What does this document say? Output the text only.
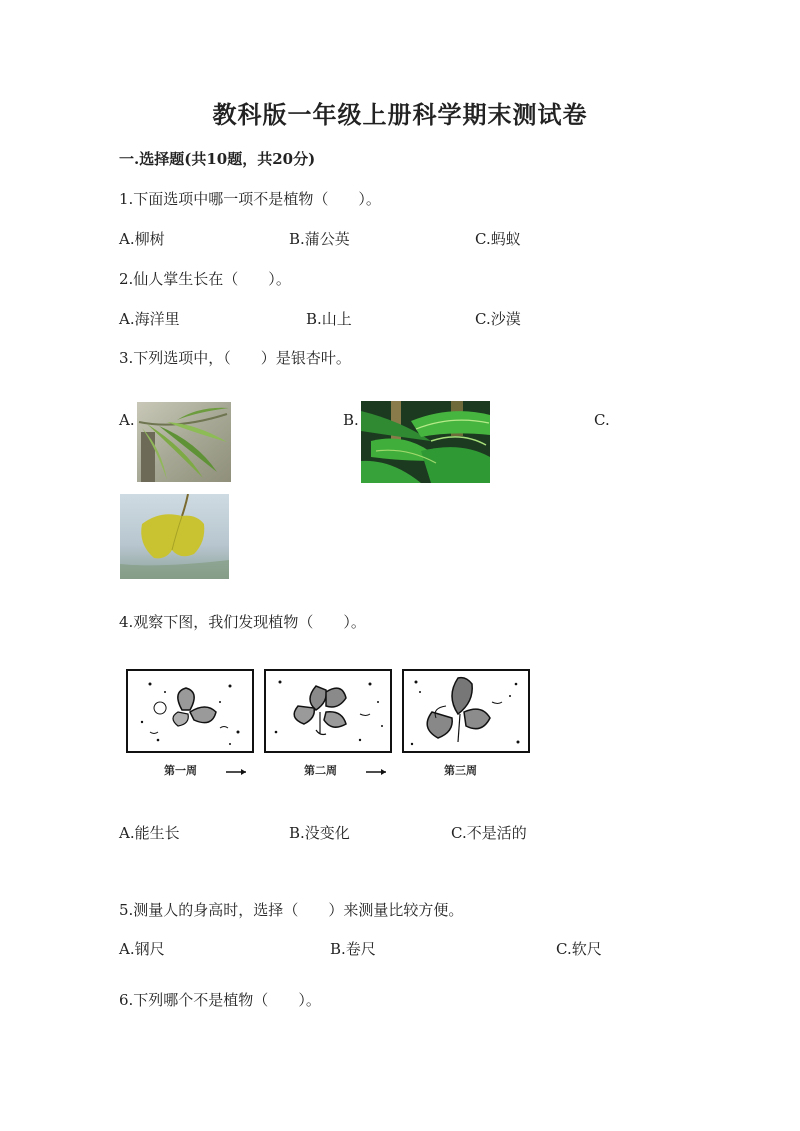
教科版一年级上册科学期末测试卷
一.选择题(共10题，共20分)
1.下面选项中哪一项不是植物（　　）。
A.柳树	B.蒲公英	C.蚂蚁
2.仙人掌生长在（　　）。
A.海洋里	B.山上	C.沙漠
3.下列选项中，（　　）是银杏叶。
A.	B.	C.
4.观察下图，我们发现植物（　　）。
第一周	第二周	第三周
A.能生长	B.没变化	C.不是活的
5.测量人的身高时，选择（　　）来测量比较方便。
A.钢尺	B.卷尺	C.软尺
6.下列哪个不是植物（　　）。
